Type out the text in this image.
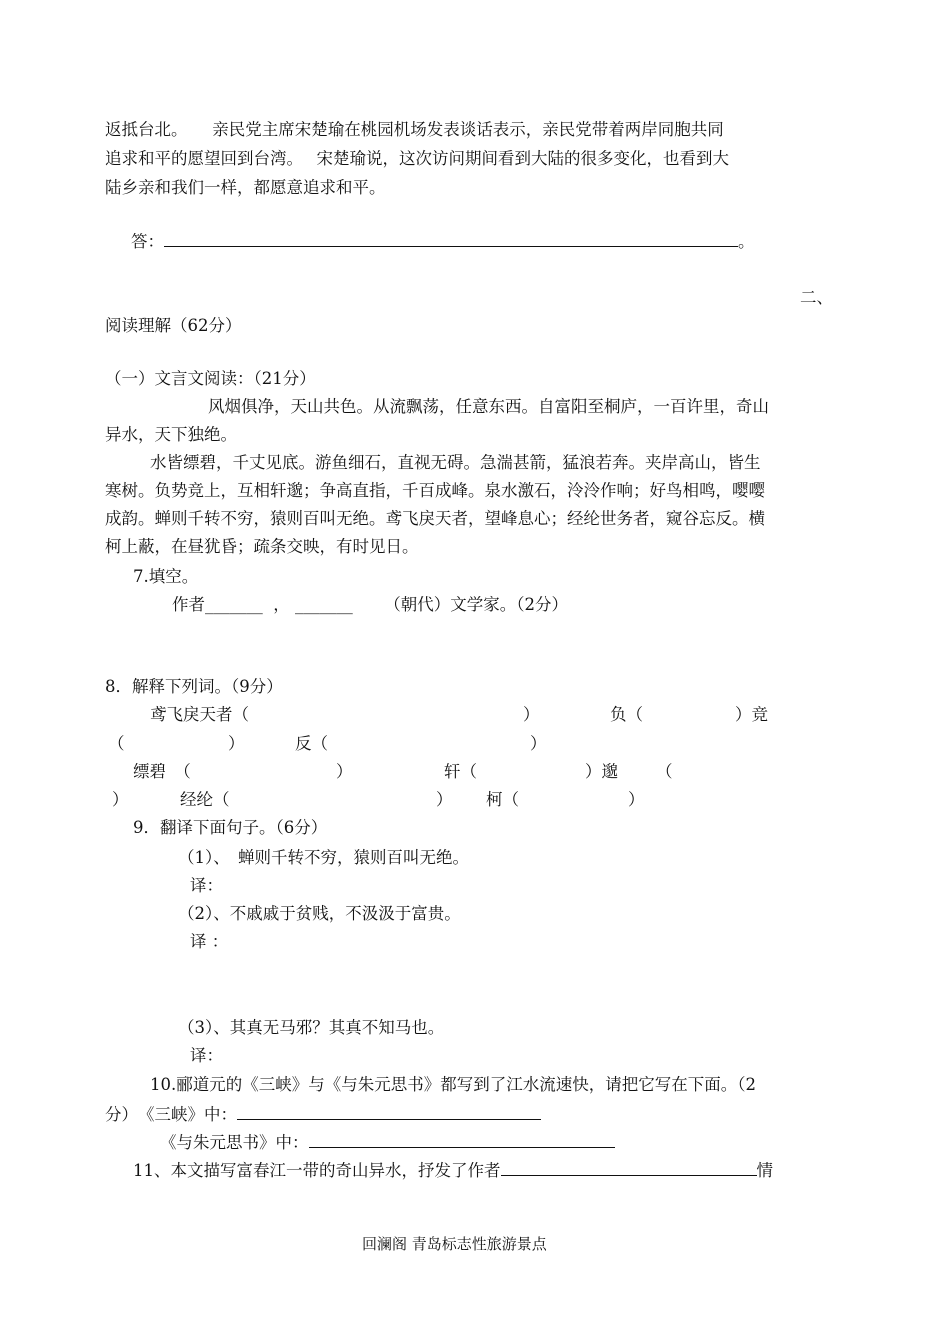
返抵台北。　　亲民党主席宋楚瑜在桃园机场发表谈话表示，亲民党带着两岸同胞共同
追求和平的愿望回到台湾。　 宋楚瑜说，这次访问期间看到大陆的很多变化，也看到大
陆乡亲和我们一样，都愿意追求和平。
答：	。
二、
阅读理解（62分）
（一）文言文阅读：（21分）
风烟俱净，天山共色。从流飘荡，任意东西。自富阳至桐庐，一百许里，奇山
异水，天下独绝。
水皆缥碧，千丈见底。游鱼细石，直视无碍。急湍甚箭，猛浪若奔。夹岸高山，皆生
寒树。负势竞上，互相轩邈；争高直指，千百成峰。泉水激石，泠泠作响；好鸟相鸣，嘤嘤
成韵。蝉则千转不穷，猿则百叫无绝。鸢飞戾天者，望峰息心；经纶世务者，窥谷忘反。横
柯上蔽，在昼犹昏；疏条交映，有时见日。
7.填空。
作者_______ ， _______ （朝代）文学家。（2分）
8．解释下列词。（9分）
鸢飞戾天者（	）	负（	）竞
（	）	反（	）
缥碧　（	）	轩（	）邈 （
）	经纶（	） 柯（	）
9．翻译下面句子。（6分）
（1）、　蝉则千转不穷，猿则百叫无绝。
译：
（2）、不戚戚于贫贱，不汲汲于富贵。
译 ：
（3）、其真无马邪？其真不知马也。
译：
10.郦道元的《三峡》与《与朱元思书》都写到了江水流速快，请把它写在下面。（2
分）　《三峡》中：
《与朱元思书》中：
11、本文描写富春江一带的奇山异水，抒发了作者	情
回澜阁 青岛标志性旅游景点
